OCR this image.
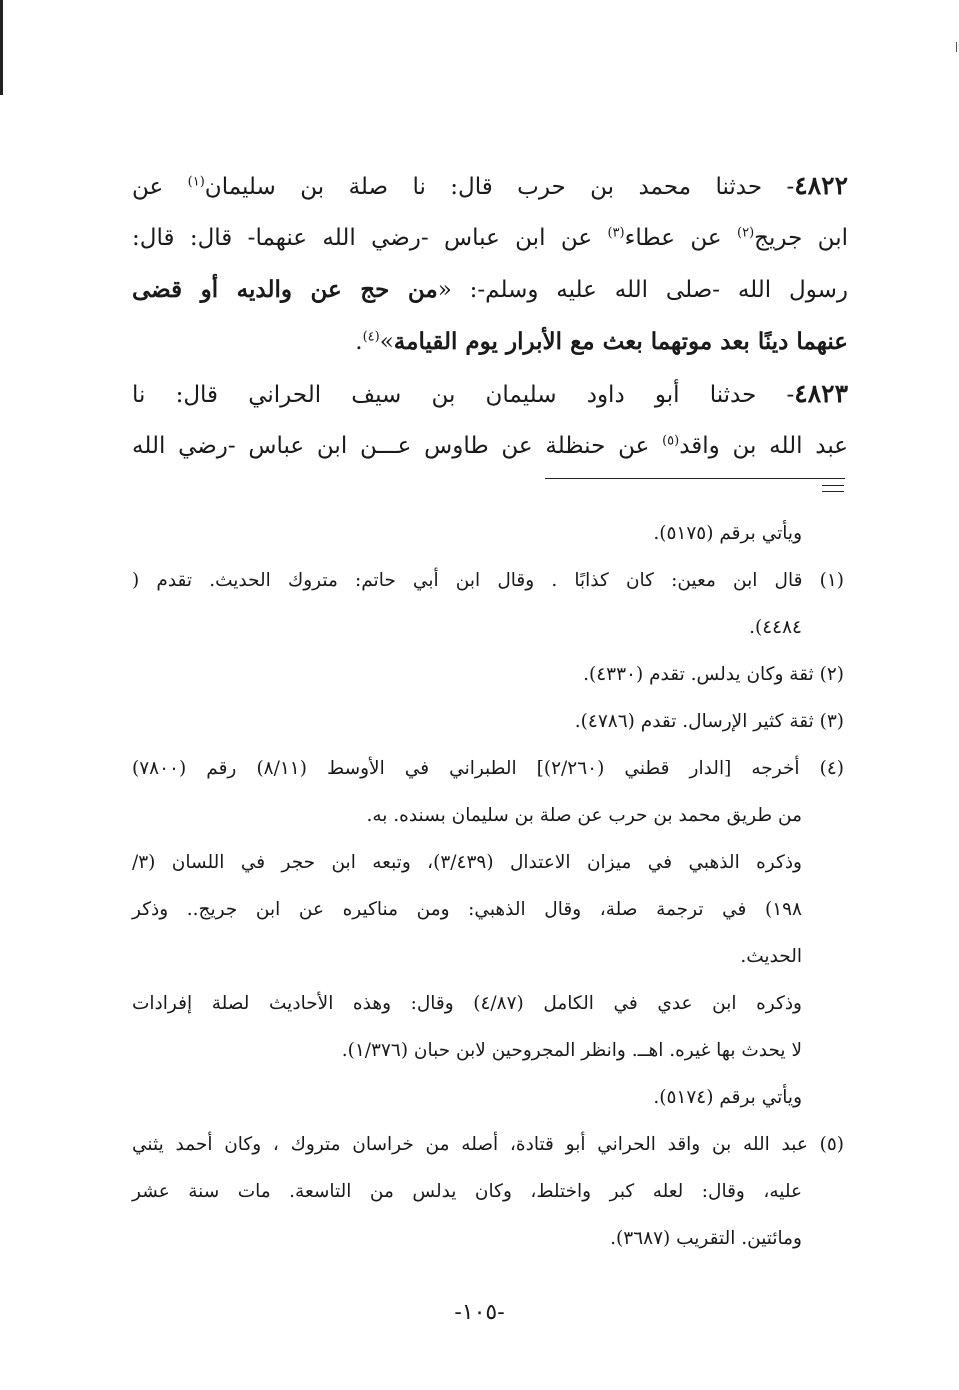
٤٨٢٢- حدثنا محمد بن حرب قال: نا صلة بن سليمان$^{(١)}$ عن
ابن جريج$^{(٢)}$ عن عطاء$^{(٣)}$ عن ابن عباس -رضي الله عنهما- قال: قال:
رسول الله -صلى الله عليه وسلم-: «من حج عن والديه أو قضى
عنهما دينًا بعد موتهما بعث مع الأبرار يوم القيامة»$^{(٤)}$.
٤٨٢٣- حدثنا أبو داود سليمان بن سيف الحراني قال: نا
عبد الله بن واقد$^{(٥)}$ عن حنظلة عن طاوس عـــن ابن عباس -رضي الله
ويأتي برقم (٥١٧٥).
(١) قال ابن معين: كان كذابًا . وقال ابن أبي حاتم: متروك الحديث. تقدم (
٤٤٨٤).
(٢) ثقة وكان يدلس. تقدم (٤٣٣٠).
(٣) ثقة كثير الإرسال. تقدم (٤٧٨٦).
(٤) أخرجه [الدار قطني (٢/٢٦٠)] الطبراني في الأوسط (٨/١١) رقم (٧٨٠٠)
من طريق محمد بن حرب عن صلة بن سليمان بسنده. به.
وذكره الذهبي في ميزان الاعتدال (٣/٤٣٩)، وتبعه ابن حجر في اللسان (٣/
١٩٨) في ترجمة صلة، وقال الذهبي: ومن مناكيره عن ابن جريج.. وذكر
الحديث.
وذكره ابن عدي في الكامل (٤/٨٧) وقال: وهذه الأحاديث لصلة إفرادات
لا يحدث بها غيره. اهــ. وانظر المجروحين لابن حبان (١/٣٧٦).
ويأتي برقم (٥١٧٤).
(٥) عبد الله بن واقد الحراني أبو قتادة، أصله من خراسان متروك ، وكان أحمد يثني
عليه، وقال: لعله كبر واختلط، وكان يدلس من التاسعة. مات سنة عشر
ومائتين. التقريب (٣٦٨٧).
-١٠٥-
